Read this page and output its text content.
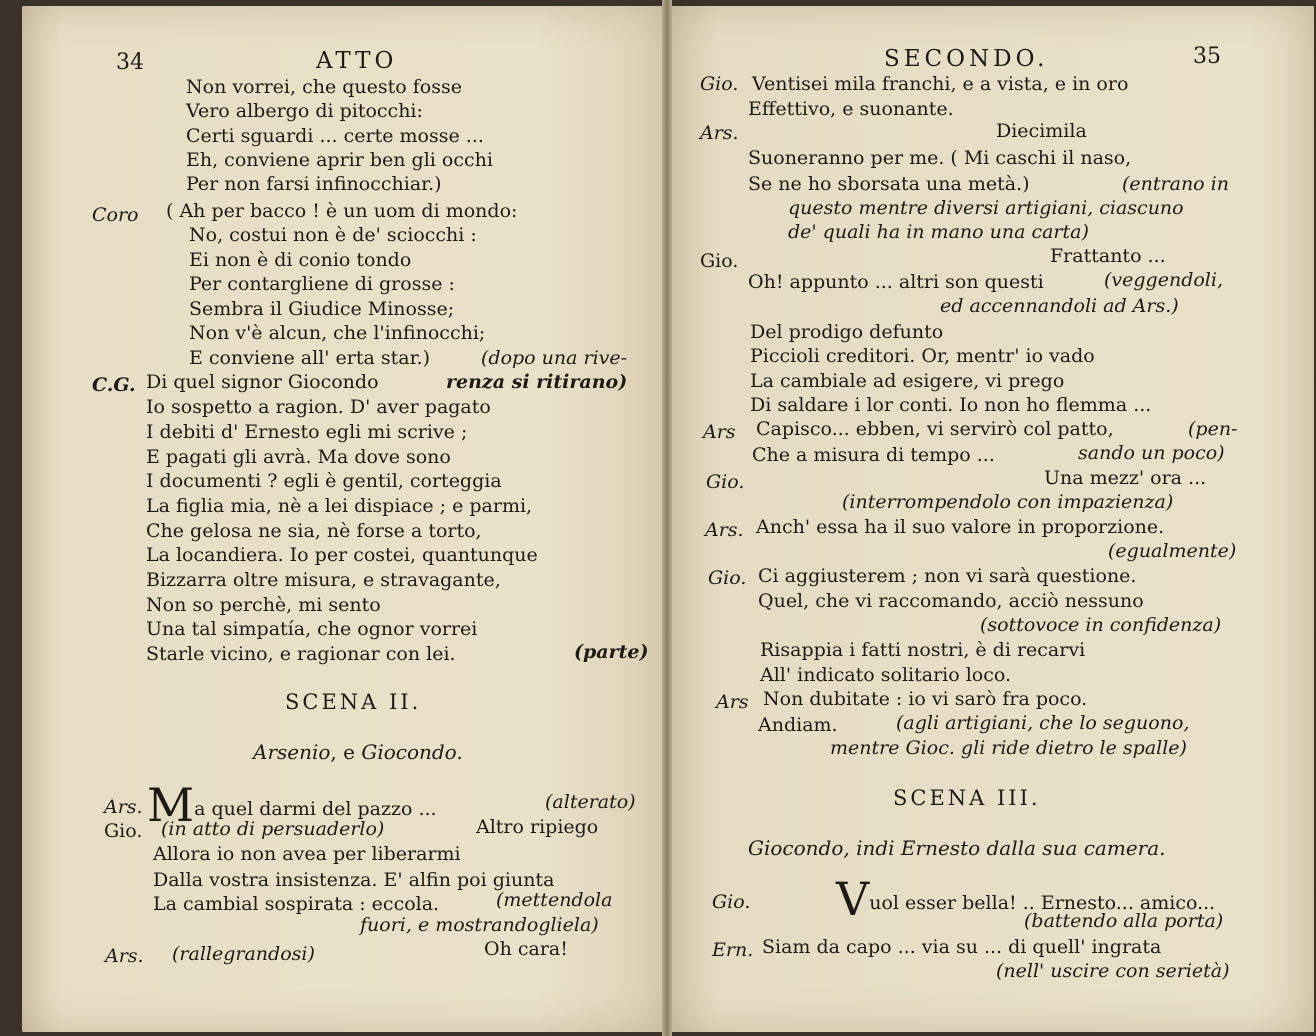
34	ATTO
Non vorrei, che questo fosse
Vero albergo di pitocchi:
Certi sguardi ... certe mosse ...
Eh, conviene aprir ben gli occhi
Per non farsi infinocchiar.)
Coro ( Ah per bacco ! è un uom di mondo:
No, costui non è de' sciocchi :
Ei non è di conio tondo
Per contargliene di grosse :
Sembra il Giudice Minosse;
Non v'è alcun, che l'infinocchi;
E conviene all' erta star.)	(dopo una rive-
C.G. Di quel signor Giocondo	renza si ritirano)
Io sospetto a ragion. D' aver pagato
I debiti d' Ernesto egli mi scrive ;
E pagati gli avrà. Ma dove sono
I documenti ? egli è gentil, corteggia
La figlia mia, nè a lei dispiace ; e parmi,
Che gelosa ne sia, nè forse a torto,
La locandiera. Io per costei, quantunque
Bizzarra oltre misura, e stravagante,
Non so perchè, mi sento
Una tal simpatía, che ognor vorrei
Starle vicino, e ragionar con lei.	(parte)
SCENA II.
Arsenio, e Giocondo.
Ars. Ma quel darmi del pazzo ...	(alterato)
Gio. (in atto di persuaderlo)	Altro ripiego
Allora io non avea per liberarmi
Dalla vostra insistenza. E' alfin poi giunta
La cambial sospirata : eccola.	(mettendola
fuori, e mostrandogliela)
Ars. (rallegrandosi)	Oh cara!
SECONDO.	35
Gio. Ventisei mila franchi, e a vista, e in oro
Effettivo, e suonante.
Ars.	Diecimila
Suoneranno per me. ( Mi caschi il naso,
Se ne ho sborsata una metà.)	(entrano in
questo mentre diversi artigiani, ciascuno
de' quali ha in mano una carta)
Gio.	Frattanto ...
Oh! appunto ... altri son questi	(veggendoli,
ed accennandoli ad Ars.)
Del prodigo defunto
Piccioli creditori. Or, mentr' io vado
La cambiale ad esigere, vi prego
Di saldare i lor conti. Io non ho flemma ...
Ars Capisco... ebben, vi servirò col patto,	(pen-
Che a misura di tempo ...	sando un poco)
Gio.	Una mezz' ora ...
(interrompendolo con impazienza)
Ars. Anch' essa ha il suo valore in proporzione.
(egualmente)
Gio. Ci aggiusterem ; non vi sarà questione.
Quel, che vi raccomando, acciò nessuno
(sottovoce in confidenza)
Risappia i fatti nostri, è di recarvi
All' indicato solitario loco.
Ars Non dubitate : io vi sarò fra poco.
Andiam.	(agli artigiani, che lo seguono,
mentre Gioc. gli ride dietro le spalle)
SCENA III.
Giocondo, indi Ernesto dalla sua camera.
Gio. Vuol esser bella! .. Ernesto... amico...
(battendo alla porta)
Ern. Siam da capo ... via su ... di quell' ingrata
(nell' uscire con serietà)
